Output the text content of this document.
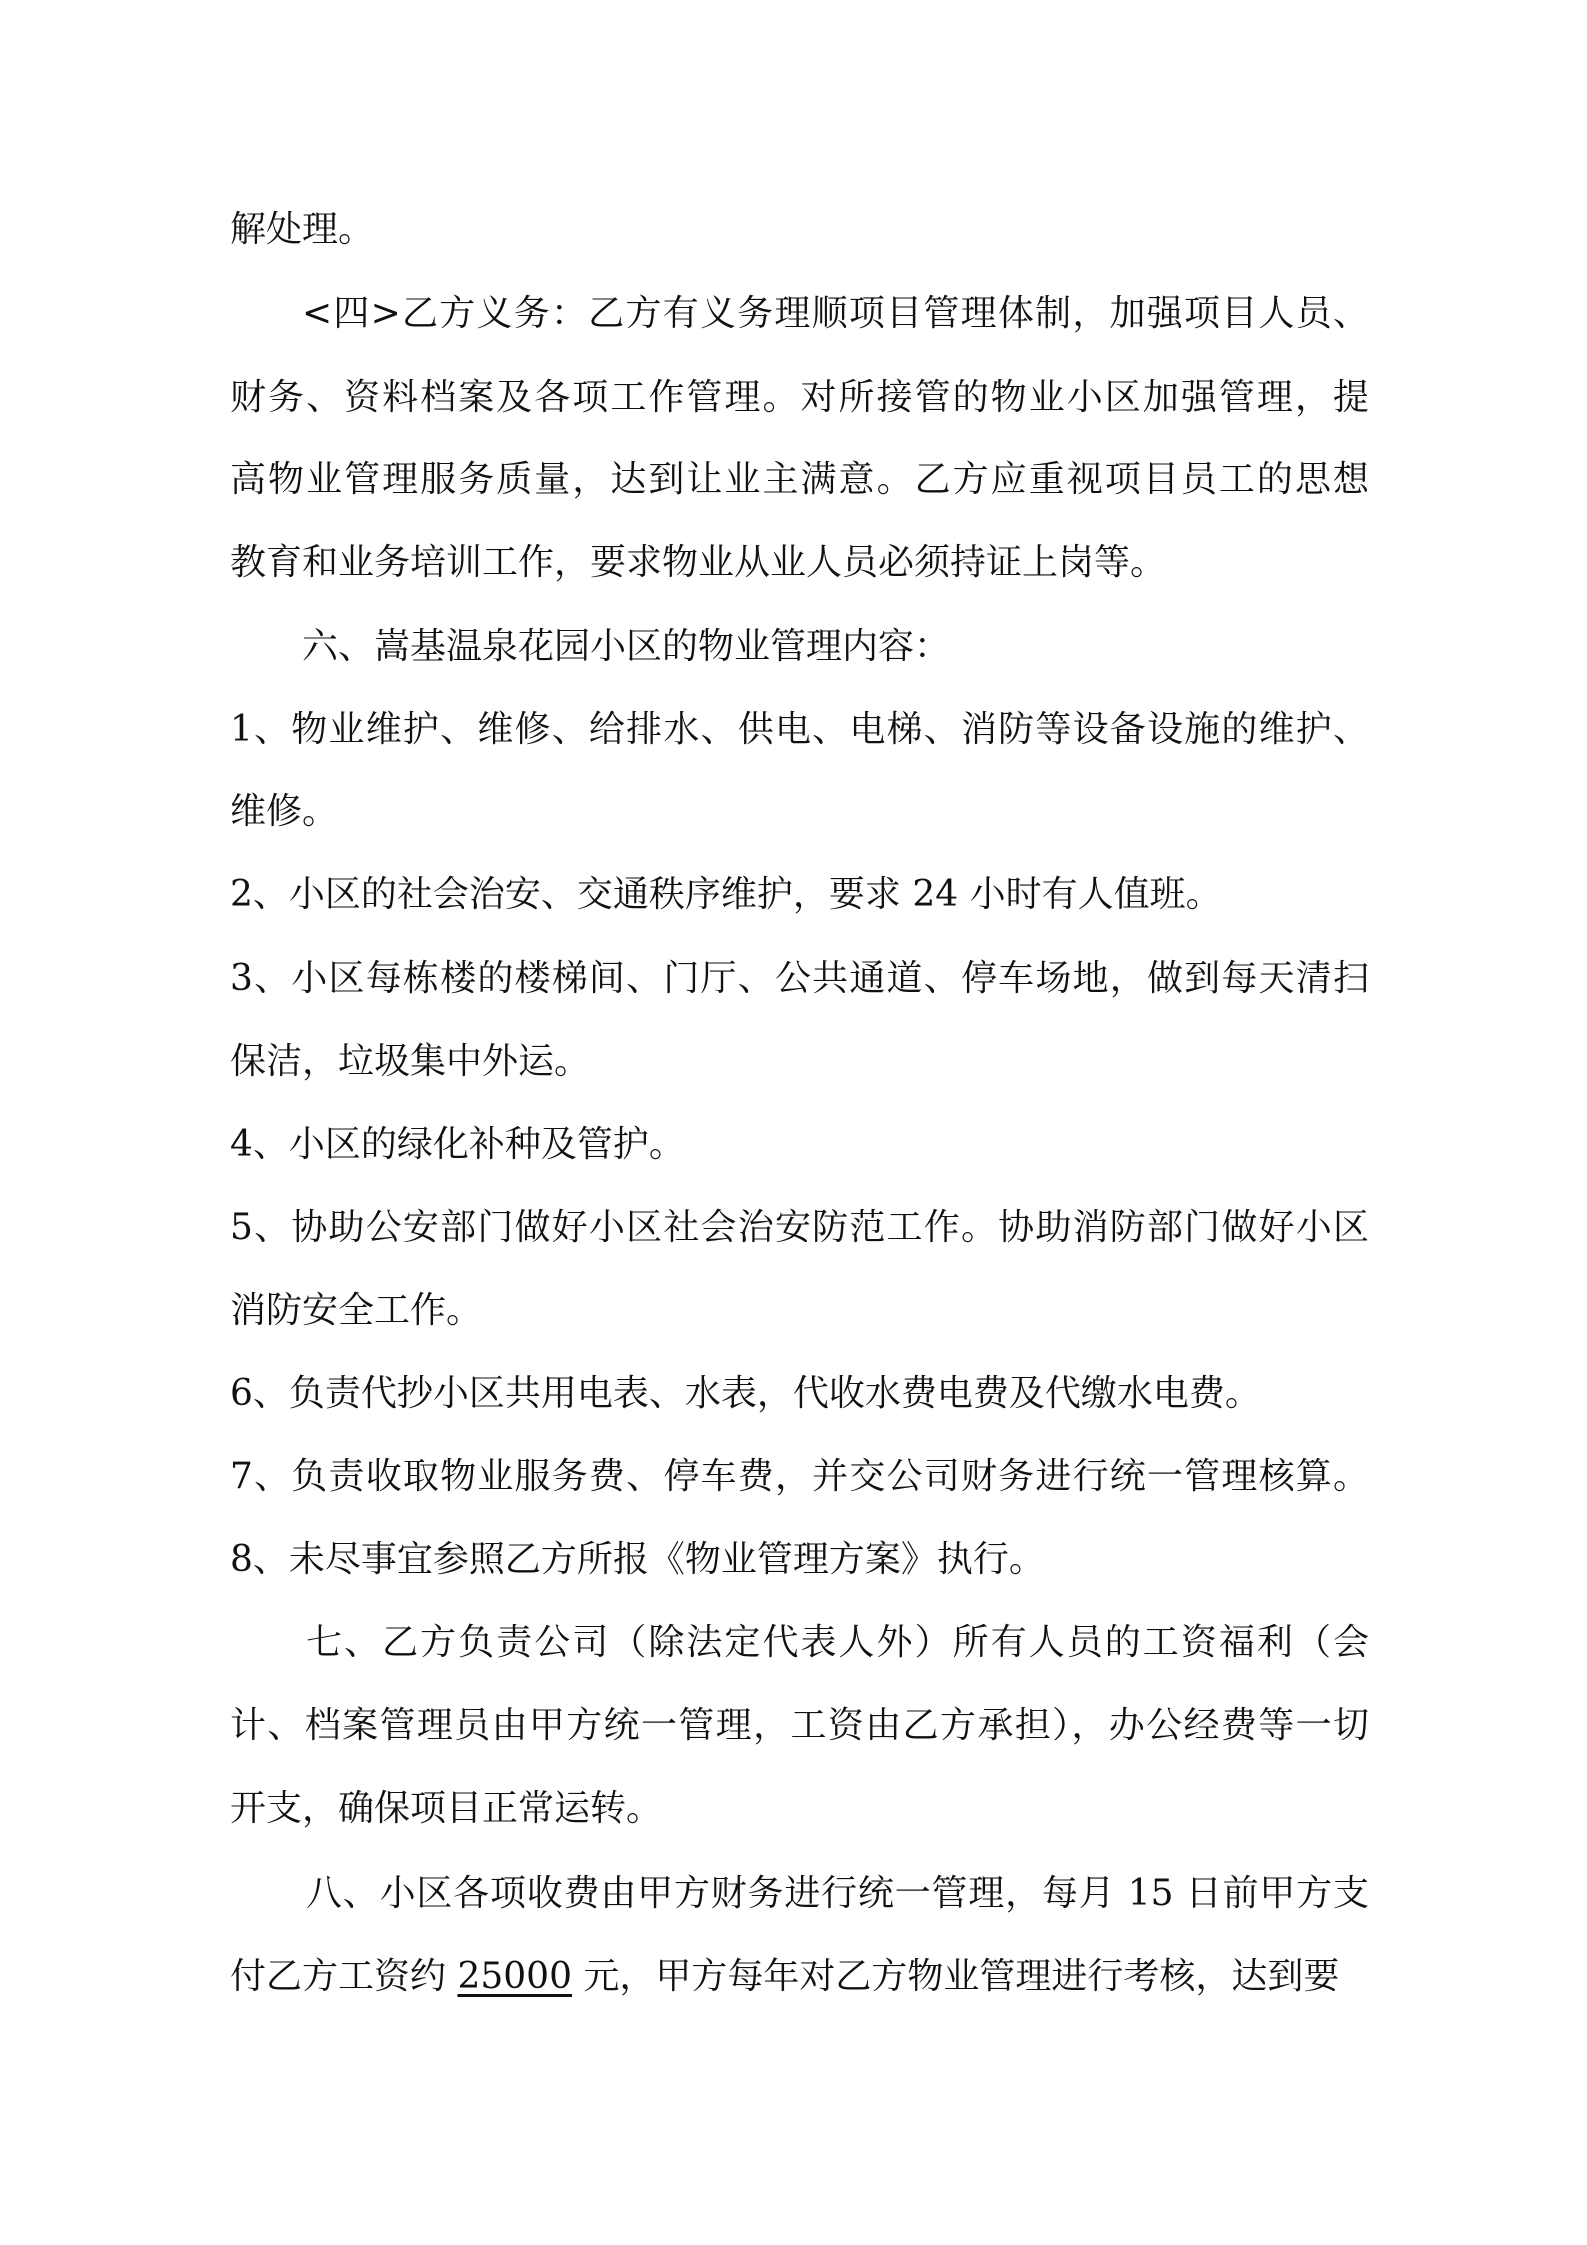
解处理。

<四>乙方义务：乙方有义务理顺项目管理体制，加强项目人员、

财务、资料档案及各项工作管理。对所接管的物业小区加强管理，提

高物业管理服务质量，达到让业主满意。乙方应重视项目员工的思想

教育和业务培训工作，要求物业从业人员必须持证上岗等。

六、嵩基温泉花园小区的物业管理内容：

1、物业维护、维修、给排水、供电、电梯、消防等设备设施的维护、

维修。

2、小区的社会治安、交通秩序维护，要求 24 小时有人值班。

3、小区每栋楼的楼梯间、门厅、公共通道、停车场地，做到每天清扫

保洁，垃圾集中外运。

4、小区的绿化补种及管护。

5、协助公安部门做好小区社会治安防范工作。协助消防部门做好小区

消防安全工作。

6、负责代抄小区共用电表、水表，代收水费电费及代缴水电费。

7、负责收取物业服务费、停车费，并交公司财务进行统一管理核算。

8、未尽事宜参照乙方所报《物业管理方案》执行。

七、乙方负责公司（除法定代表人外）所有人员的工资福利（会

计、档案管理员由甲方统一管理，工资由乙方承担），办公经费等一切

开支，确保项目正常运转。

八、小区各项收费由甲方财务进行统一管理，每月 15 日前甲方支

付乙方工资约 25000 元，甲方每年对乙方物业管理进行考核，达到要
